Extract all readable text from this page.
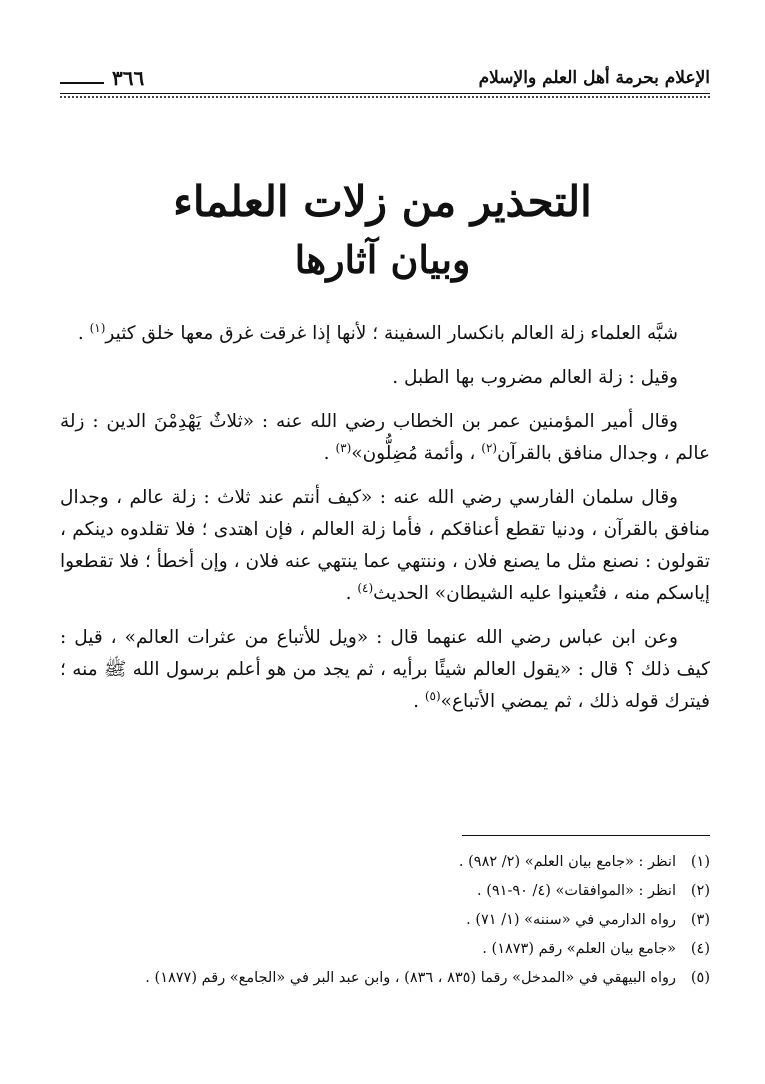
الإعلام بحرمة أهل العلم والإسلام
٣٦٦
التحذير من زلات العلماء
وبيان آثارها

شبَّه العلماء زلة العالم بانكسار السفينة ؛ لأنها إذا غرقت غرق معها خلق كثير$^{(١)}$ .

وقيل : زلة العالم مضروب بها الطبل .

وقال أمير المؤمنين عمر بن الخطاب رضي الله عنه : «ثلاثٌ يَهْدِمْنَ الدين : زلة عالم ، وجدال منافق بالقرآن$^{(٢)}$ ، وأئمة مُضِلُّون»$^{(٣)}$ .

وقال سلمان الفارسي رضي الله عنه : «كيف أنتم عند ثلاث : زلة عالم ، وجدال منافق بالقرآن ، ودنيا تقطع أعناقكم ، فأما زلة العالم ، فإن اهتدى ؛ فلا تقلدوه دينكم ، تقولون : نصنع مثل ما يصنع فلان ، وننتهي عما ينتهي عنه فلان ، وإن أخطأ ؛ فلا تقطعوا إياسكم منه ، فتُعينوا عليه الشيطان» الحديث$^{(٤)}$ .

وعن ابن عباس رضي الله عنهما قال : «ويل للأتباع من عثرات العالم» ، قيل : كيف ذلك ؟ قال : «يقول العالم شيئًا برأيه ، ثم يجد من هو أعلم برسول الله ﷺ منه ؛ فيترك قوله ذلك ، ثم يمضي الأتباع»$^{(٥)}$ .

(١)انظر : «جامع بيان العلم» (٢/ ٩٨٢) .
(٢)انظر : «الموافقات» (٤/ ٩٠-٩١) .
(٣)رواه الدارمي في «سننه» (١/ ٧١) .
(٤)«جامع بيان العلم» رقم (١٨٧٣) .
(٥)رواه البيهقي في «المدخل» رقما (٨٣٥ ، ٨٣٦) ، وابن عبد البر في «الجامع» رقم (١٨٧٧) .
